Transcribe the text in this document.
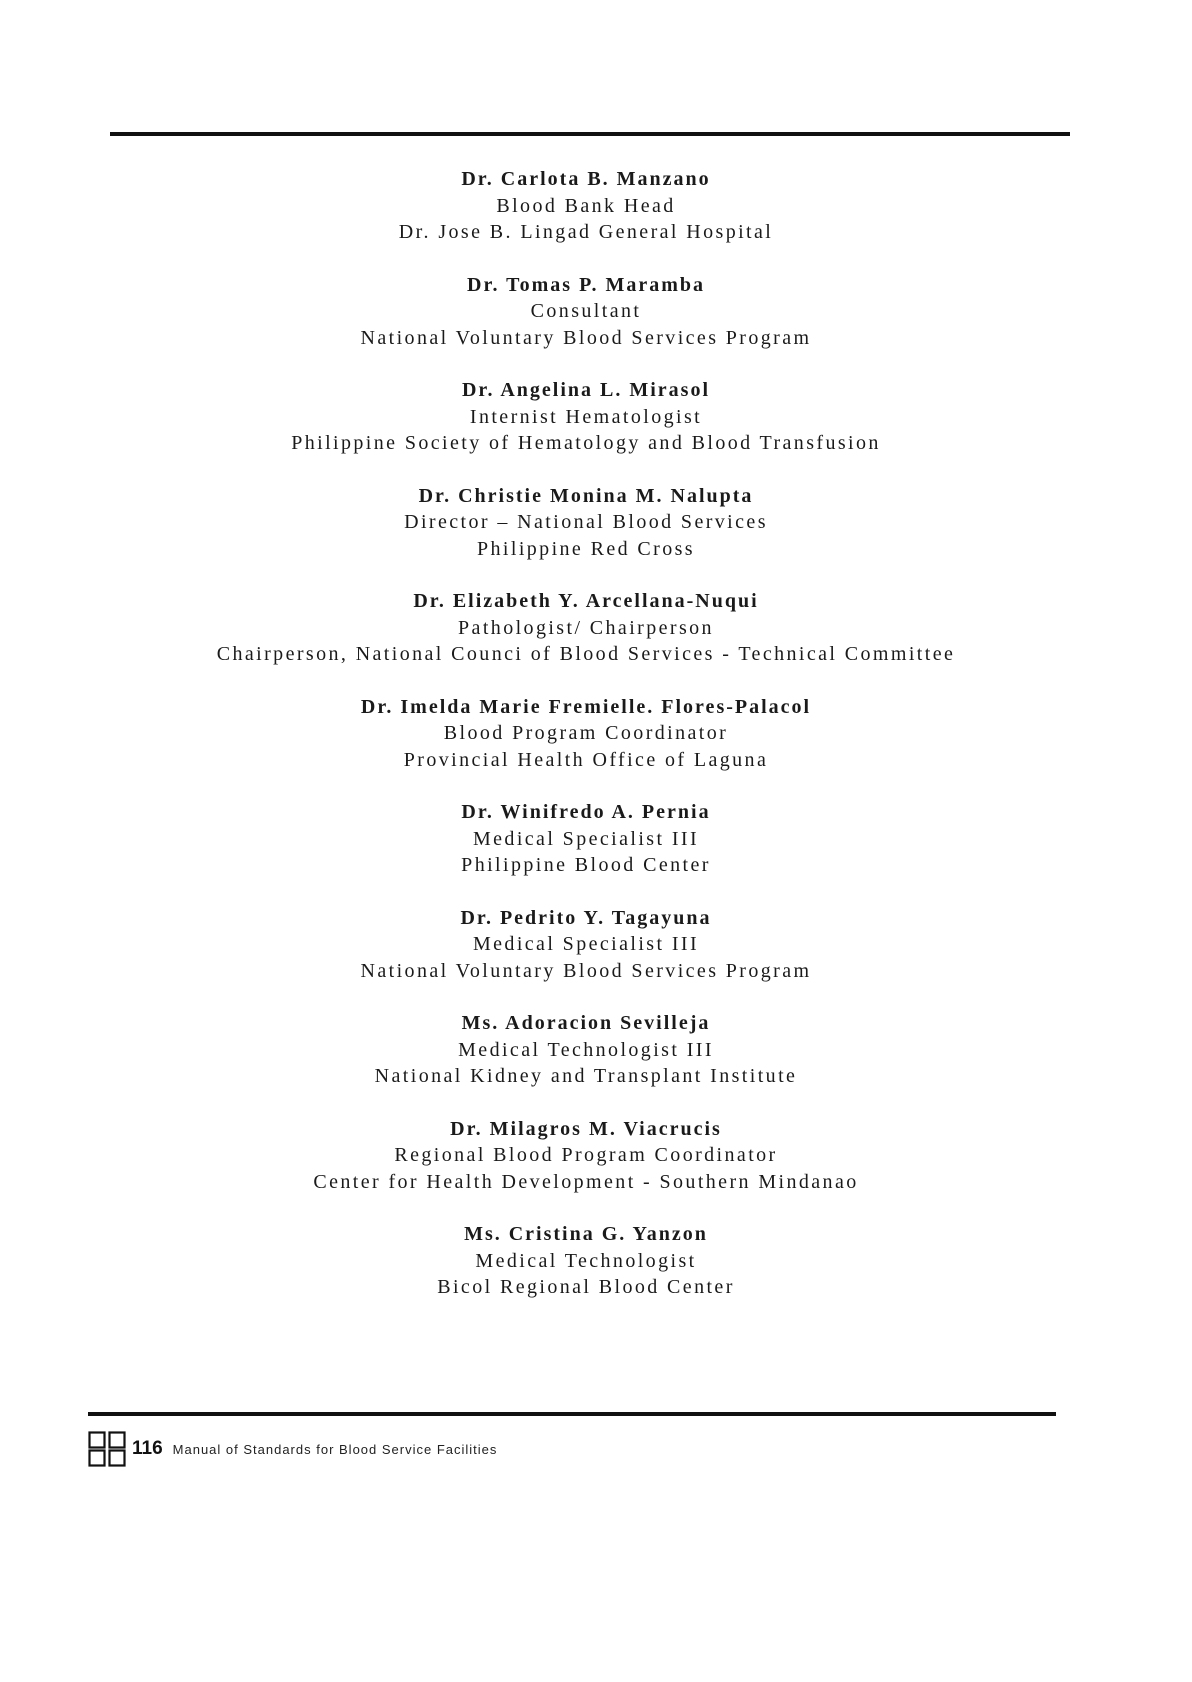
Dr. Carlota B. Manzano
Blood Bank Head
Dr. Jose B. Lingad General Hospital
Dr. Tomas P. Maramba
Consultant
National Voluntary Blood Services Program
Dr. Angelina L. Mirasol
Internist Hematologist
Philippine Society of Hematology and Blood Transfusion
Dr. Christie Monina M. Nalupta
Director – National Blood Services
Philippine Red Cross
Dr. Elizabeth Y. Arcellana-Nuqui
Pathologist/ Chairperson
Chairperson, National Counci of Blood Services - Technical Committee
Dr. Imelda Marie Fremielle. Flores-Palacol
Blood Program Coordinator
Provincial Health Office of Laguna
Dr. Winifredo A. Pernia
Medical Specialist III
Philippine Blood Center
Dr. Pedrito Y. Tagayuna
Medical Specialist III
National Voluntary Blood Services Program
Ms. Adoracion Sevilleja
Medical Technologist III
National Kidney and Transplant Institute
Dr. Milagros M. Viacrucis
Regional Blood Program Coordinator
Center for Health Development - Southern Mindanao
Ms. Cristina G. Yanzon
Medical Technologist
Bicol Regional Blood Center
116 Manual of Standards for Blood Service Facilities
